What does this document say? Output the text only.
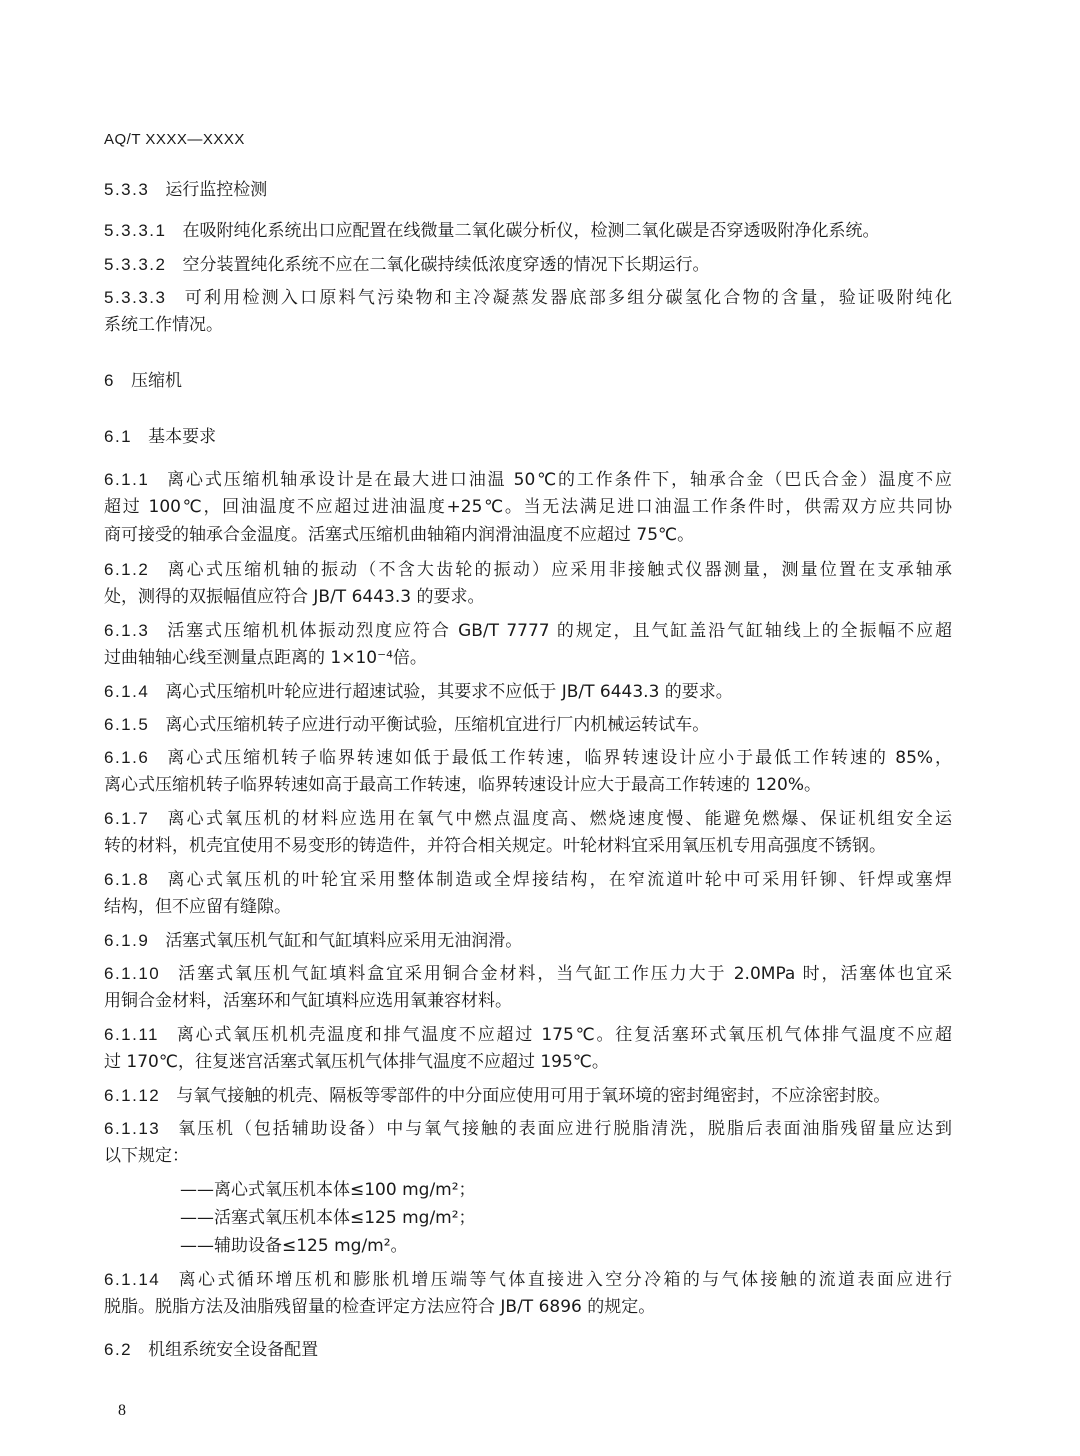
AQ/T XXXX—XXXX
5.3.3 运行监控检测
5.3.3.1 在吸附纯化系统出口应配置在线微量二氧化碳分析仪，检测二氧化碳是否穿透吸附净化系统。
5.3.3.2 空分装置纯化系统不应在二氧化碳持续低浓度穿透的情况下长期运行。
5.3.3.3 可利用检测入口原料气污染物和主冷凝蒸发器底部多组分碳氢化合物的含量，验证吸附纯化
系统工作情况。
6 压缩机
6.1 基本要求
6.1.1 离心式压缩机轴承设计是在最大进口油温 50℃的工作条件下，轴承合金（巴氏合金）温度不应
超过 100℃，回油温度不应超过进油温度+25℃。当无法满足进口油温工作条件时，供需双方应共同协
商可接受的轴承合金温度。活塞式压缩机曲轴箱内润滑油温度不应超过 75℃。
6.1.2 离心式压缩机轴的振动（不含大齿轮的振动）应采用非接触式仪器测量，测量位置在支承轴承
处，测得的双振幅值应符合 JB/T 6443.3 的要求。
6.1.3 活塞式压缩机机体振动烈度应符合 GB/T 7777 的规定，且气缸盖沿气缸轴线上的全振幅不应超
过曲轴轴心线至测量点距离的 1×10⁻⁴倍。
6.1.4 离心式压缩机叶轮应进行超速试验，其要求不应低于 JB/T 6443.3 的要求。
6.1.5 离心式压缩机转子应进行动平衡试验，压缩机宜进行厂内机械运转试车。
6.1.6 离心式压缩机转子临界转速如低于最低工作转速，临界转速设计应小于最低工作转速的 85%，
离心式压缩机转子临界转速如高于最高工作转速，临界转速设计应大于最高工作转速的 120%。
6.1.7 离心式氧压机的材料应选用在氧气中燃点温度高、燃烧速度慢、能避免燃爆、保证机组安全运
转的材料，机壳宜使用不易变形的铸造件，并符合相关规定。叶轮材料宜采用氧压机专用高强度不锈钢。
6.1.8 离心式氧压机的叶轮宜采用整体制造或全焊接结构，在窄流道叶轮中可采用钎铆、钎焊或塞焊
结构，但不应留有缝隙。
6.1.9 活塞式氧压机气缸和气缸填料应采用无油润滑。
6.1.10 活塞式氧压机气缸填料盒宜采用铜合金材料，当气缸工作压力大于 2.0MPa 时，活塞体也宜采
用铜合金材料，活塞环和气缸填料应选用氧兼容材料。
6.1.11 离心式氧压机机壳温度和排气温度不应超过 175℃。往复活塞环式氧压机气体排气温度不应超
过 170℃，往复迷宫活塞式氧压机气体排气温度不应超过 195℃。
6.1.12 与氧气接触的机壳、隔板等零部件的中分面应使用可用于氧环境的密封绳密封，不应涂密封胶。
6.1.13 氧压机（包括辅助设备）中与氧气接触的表面应进行脱脂清洗，脱脂后表面油脂残留量应达到
以下规定：
——离心式氧压机本体≤100 mg/m²；
——活塞式氧压机本体≤125 mg/m²；
——辅助设备≤125 mg/m²。
6.1.14 离心式循环增压机和膨胀机增压端等气体直接进入空分冷箱的与气体接触的流道表面应进行
脱脂。脱脂方法及油脂残留量的检查评定方法应符合 JB/T 6896 的规定。
6.2 机组系统安全设备配置
8
